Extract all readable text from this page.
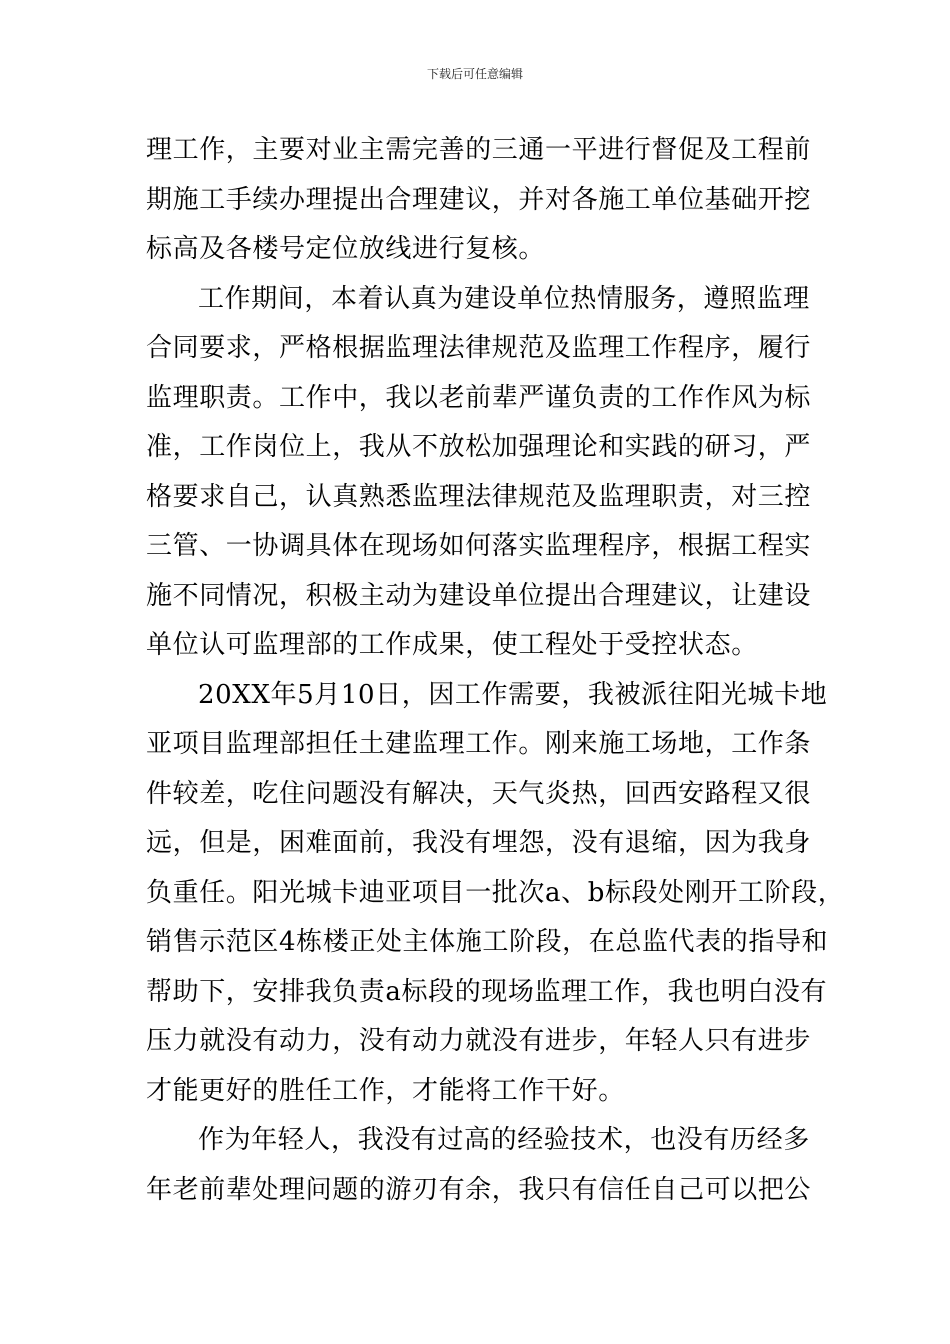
下载后可任意编辑
理工作，主要对业主需完善的三通一平进行督促及工程前
期施工手续办理提出合理建议，并对各施工单位基础开挖
标高及各楼号定位放线进行复核。
工作期间，本着认真为建设单位热情服务，遵照监理
合同要求，严格根据监理法律规范及监理工作程序，履行
监理职责。工作中，我以老前辈严谨负责的工作作风为标
准，工作岗位上，我从不放松加强理论和实践的研习，严
格要求自己，认真熟悉监理法律规范及监理职责，对三控
三管、一协调具体在现场如何落实监理程序，根据工程实
施不同情况，积极主动为建设单位提出合理建议，让建设
单位认可监理部的工作成果，使工程处于受控状态。
20XX年5月10日，因工作需要，我被派往阳光城卡地
亚项目监理部担任土建监理工作。刚来施工场地，工作条
件较差，吃住问题没有解决，天气炎热，回西安路程又很
远，但是，困难面前，我没有埋怨，没有退缩，因为我身
负重任。阳光城卡迪亚项目一批次a、b标段处刚开工阶段，
销售示范区4栋楼正处主体施工阶段，在总监代表的指导和
帮助下，安排我负责a标段的现场监理工作，我也明白没有
压力就没有动力，没有动力就没有进步，年轻人只有进步
才能更好的胜任工作，才能将工作干好。
作为年轻人，我没有过高的经验技术，也没有历经多
年老前辈处理问题的游刃有余，我只有信任自己可以把公
